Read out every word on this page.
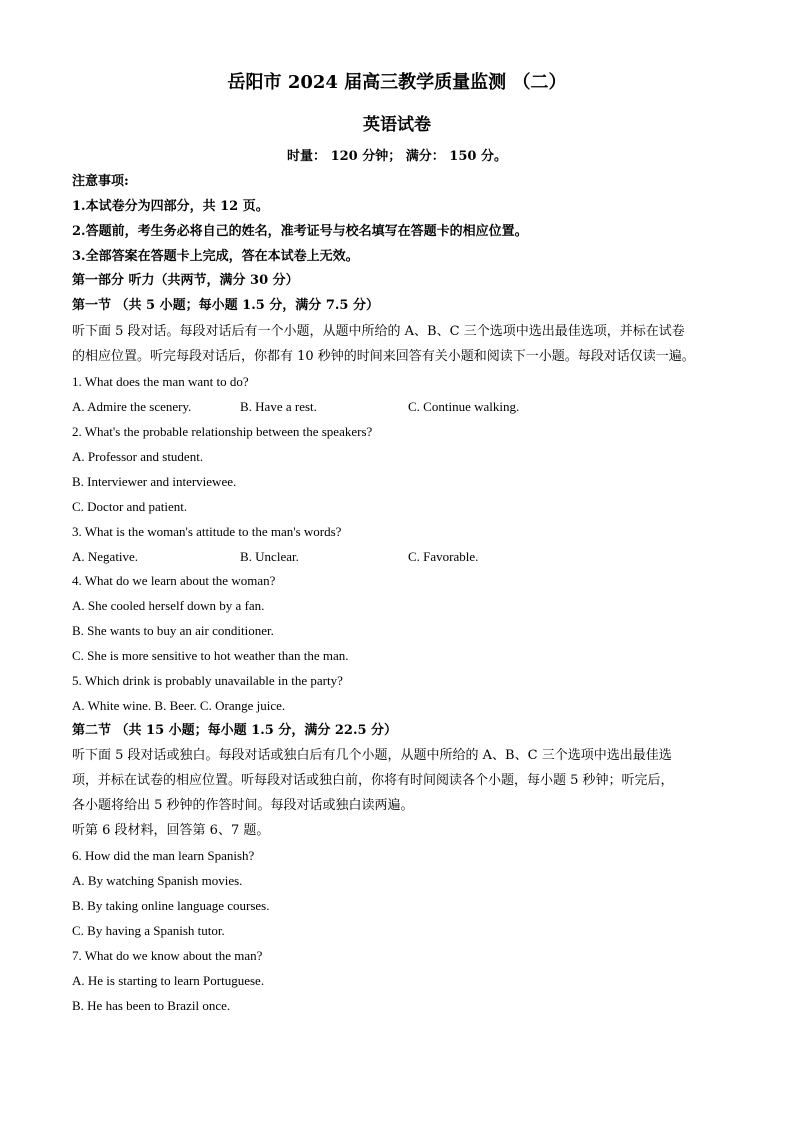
岳阳市 2024 届高三教学质量监测 （二）
英语试卷
时量： 120 分钟； 满分： 150 分。
注意事项:
1.本试卷分为四部分，共 12 页。
2.答题前，考生务必将自己的姓名，准考证号与校名填写在答题卡的相应位置。
3.全部答案在答题卡上完成，答在本试卷上无效。
第一部分 听力（共两节，满分 30 分）
第一节 （共 5 小题；每小题 1.5 分，满分 7.5 分）
听下面 5 段对话。每段对话后有一个小题，从题中所给的 A、B、C 三个选项中选出最佳选项，并标在试卷
的相应位置。听完每段对话后，你都有 10 秒钟的时间来回答有关小题和阅读下一小题。每段对话仅读一遍。
1. What does the man want to do?
A. Admire the scenery.	B. Have a rest.	C. Continue walking.
2. What's the probable relationship between the speakers?
A. Professor and student.
B. Interviewer and interviewee.
C. Doctor and patient.
3. What is the woman's attitude to the man's words?
A. Negative.	B. Unclear.	C. Favorable.
4. What do we learn about the woman?
A. She cooled herself down by a fan.
B. She wants to buy an air conditioner.
C. She is more sensitive to hot weather than the man.
5. Which drink is probably unavailable in the party?
A. White wine. B. Beer. C. Orange juice.
第二节 （共 15 小题；每小题 1.5 分，满分 22.5 分）
听下面 5 段对话或独白。每段对话或独白后有几个小题，从题中所给的 A、B、C 三个选项中选出最佳选
项，并标在试卷的相应位置。听每段对话或独白前，你将有时间阅读各个小题，每小题 5 秒钟；听完后，
各小题将给出 5 秒钟的作答时间。每段对话或独白读两遍。
听第 6 段材料，回答第 6、7 题。
6. How did the man learn Spanish?
A. By watching Spanish movies.
B. By taking online language courses.
C. By having a Spanish tutor.
7. What do we know about the man?
A. He is starting to learn Portuguese.
B. He has been to Brazil once.
